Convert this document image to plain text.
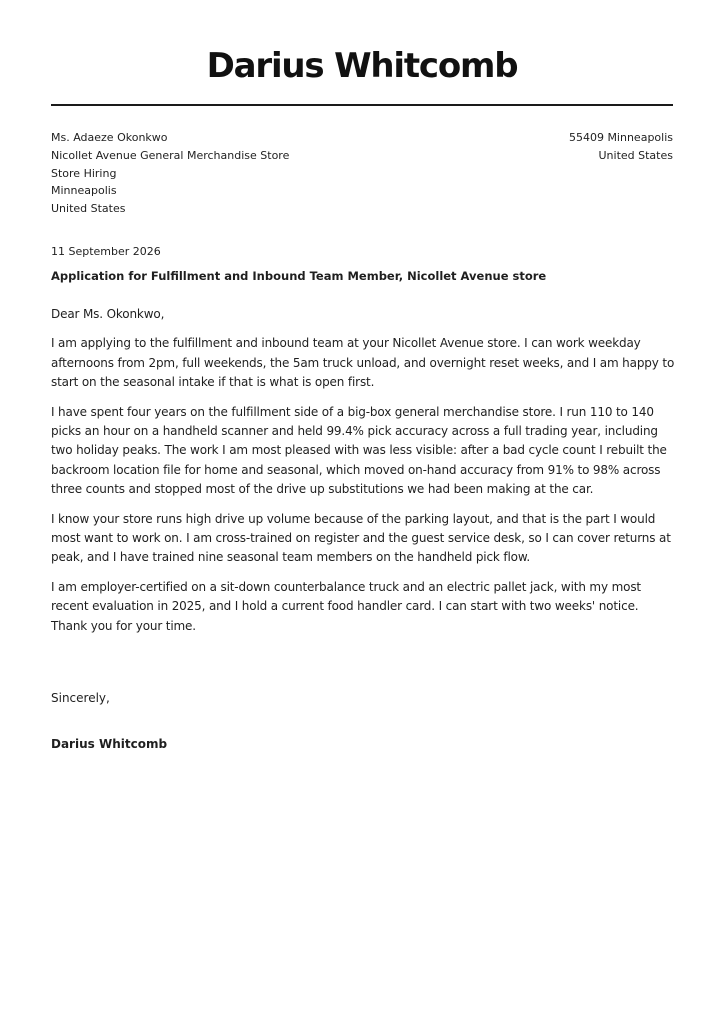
Darius Whitcomb
Ms. Adaeze Okonkwo
Nicollet Avenue General Merchandise Store
Store Hiring
Minneapolis
United States
55409 Minneapolis
United States
11 September 2026
Application for Fulfillment and Inbound Team Member, Nicollet Avenue store

Dear Ms. Okonkwo,

I am applying to the fulfillment and inbound team at your Nicollet Avenue store. I can work weekday afternoons from 2pm, full weekends, the 5am truck unload, and overnight reset weeks, and I am happy to start on the seasonal intake if that is what is open first.

I have spent four years on the fulfillment side of a big-box general merchandise store. I run 110 to 140 picks an hour on a handheld scanner and held 99.4% pick accuracy across a full trading year, including two holiday peaks. The work I am most pleased with was less visible: after a bad cycle count I rebuilt the backroom location file for home and seasonal, which moved on-hand accuracy from 91% to 98% across three counts and stopped most of the drive up substitutions we had been making at the car.

I know your store runs high drive up volume because of the parking layout, and that is the part I would most want to work on. I am cross-trained on register and the guest service desk, so I can cover returns at peak, and I have trained nine seasonal team members on the handheld pick flow.

I am employer-certified on a sit-down counterbalance truck and an electric pallet jack, with my most recent evaluation in 2025, and I hold a current food handler card. I can start with two weeks' notice. Thank you for your time.

Sincerely,
Darius Whitcomb
